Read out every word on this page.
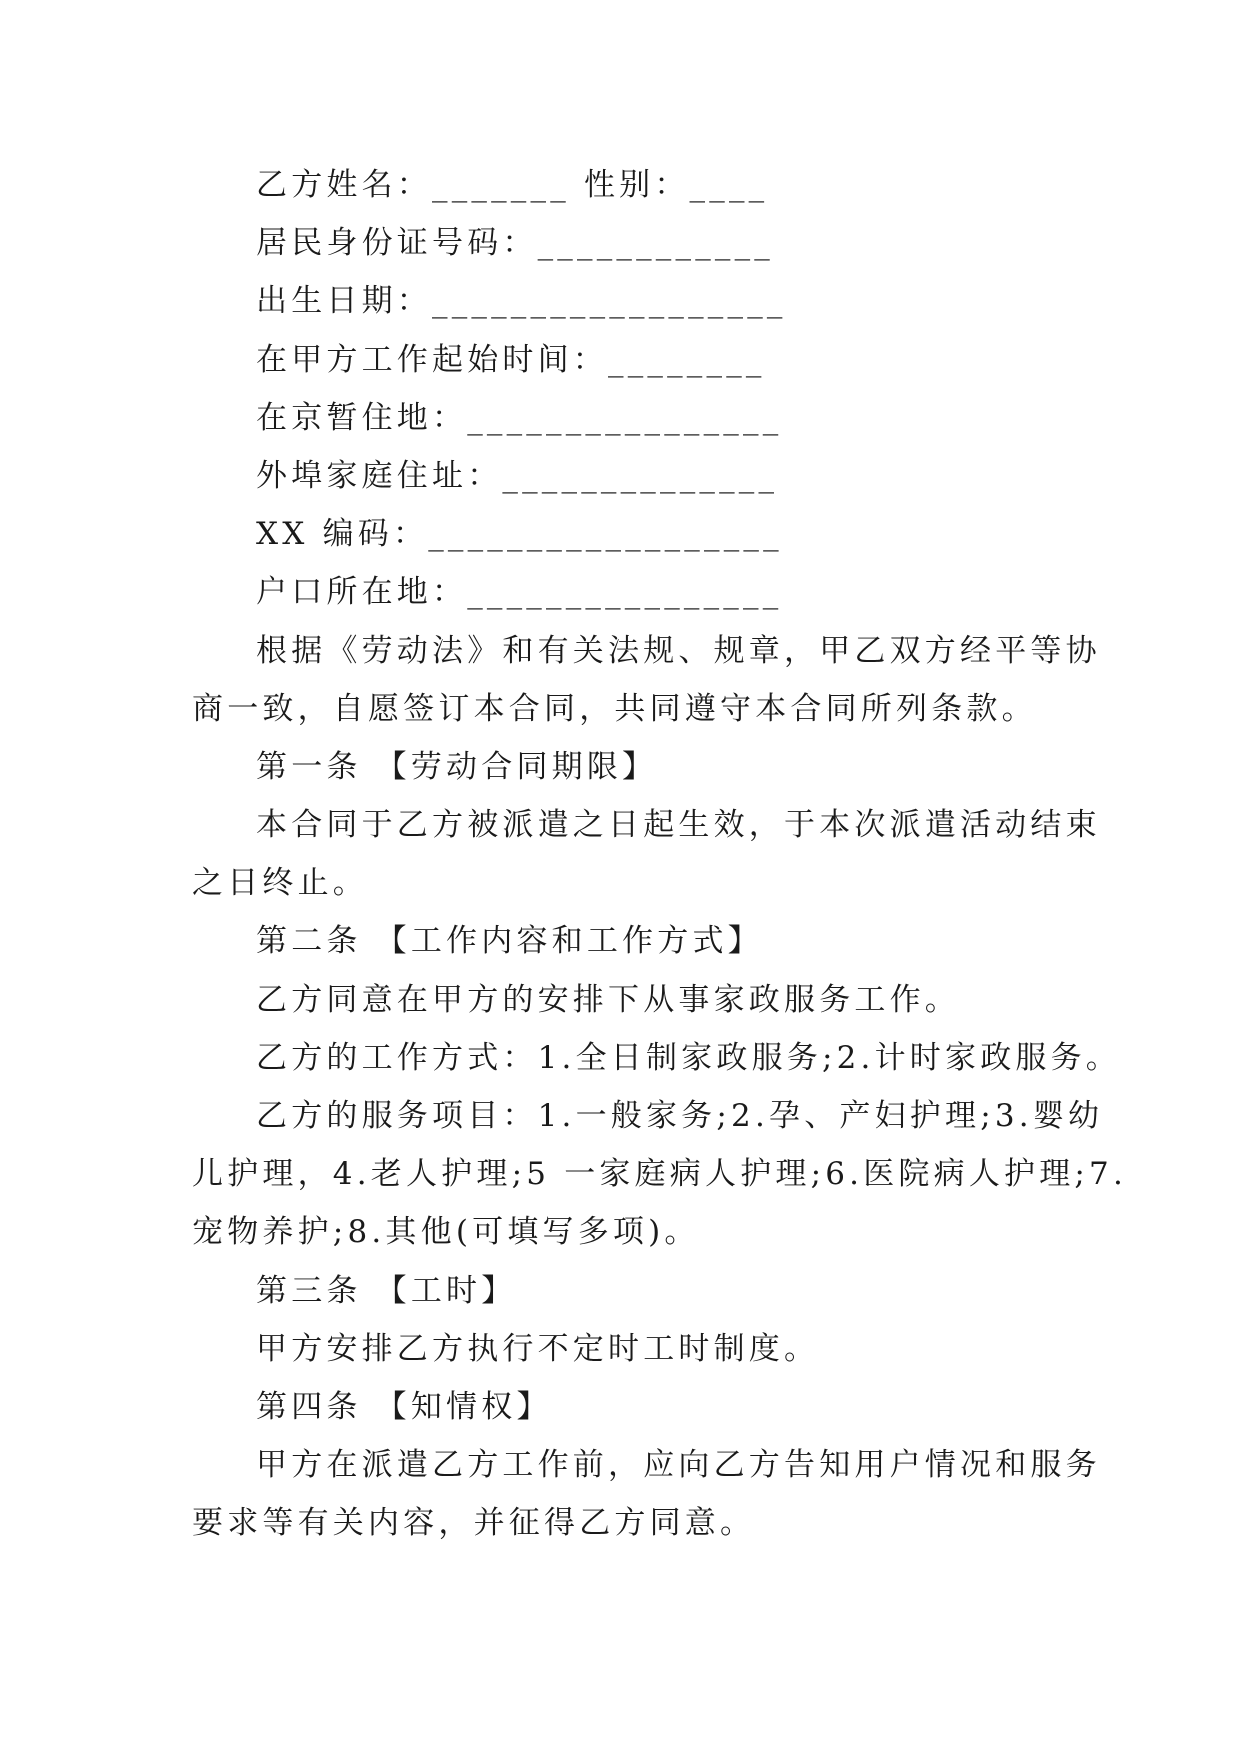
乙方姓名：_______ 性别：____
居民身份证号码：____________
出生日期：__________________
在甲方工作起始时间：________
在京暂住地：________________
外埠家庭住址：______________
XX 编码：__________________
户口所在地：________________
根据《劳动法》和有关法规、规章，甲乙双方经平等协
商一致，自愿签订本合同，共同遵守本合同所列条款。
第一条 【劳动合同期限】
本合同于乙方被派遣之日起生效，于本次派遣活动结束
之日终止。
第二条 【工作内容和工作方式】
乙方同意在甲方的安排下从事家政服务工作。
乙方的工作方式：1.全日制家政服务;2.计时家政服务。
乙方的服务项目：1.一般家务;2.孕、产妇护理;3.婴幼
儿护理，4.老人护理;5 一家庭病人护理;6.医院病人护理;7.
宠物养护;8.其他(可填写多项)。
第三条 【工时】
甲方安排乙方执行不定时工时制度。
第四条 【知情权】
甲方在派遣乙方工作前，应向乙方告知用户情况和服务
要求等有关内容，并征得乙方同意。
